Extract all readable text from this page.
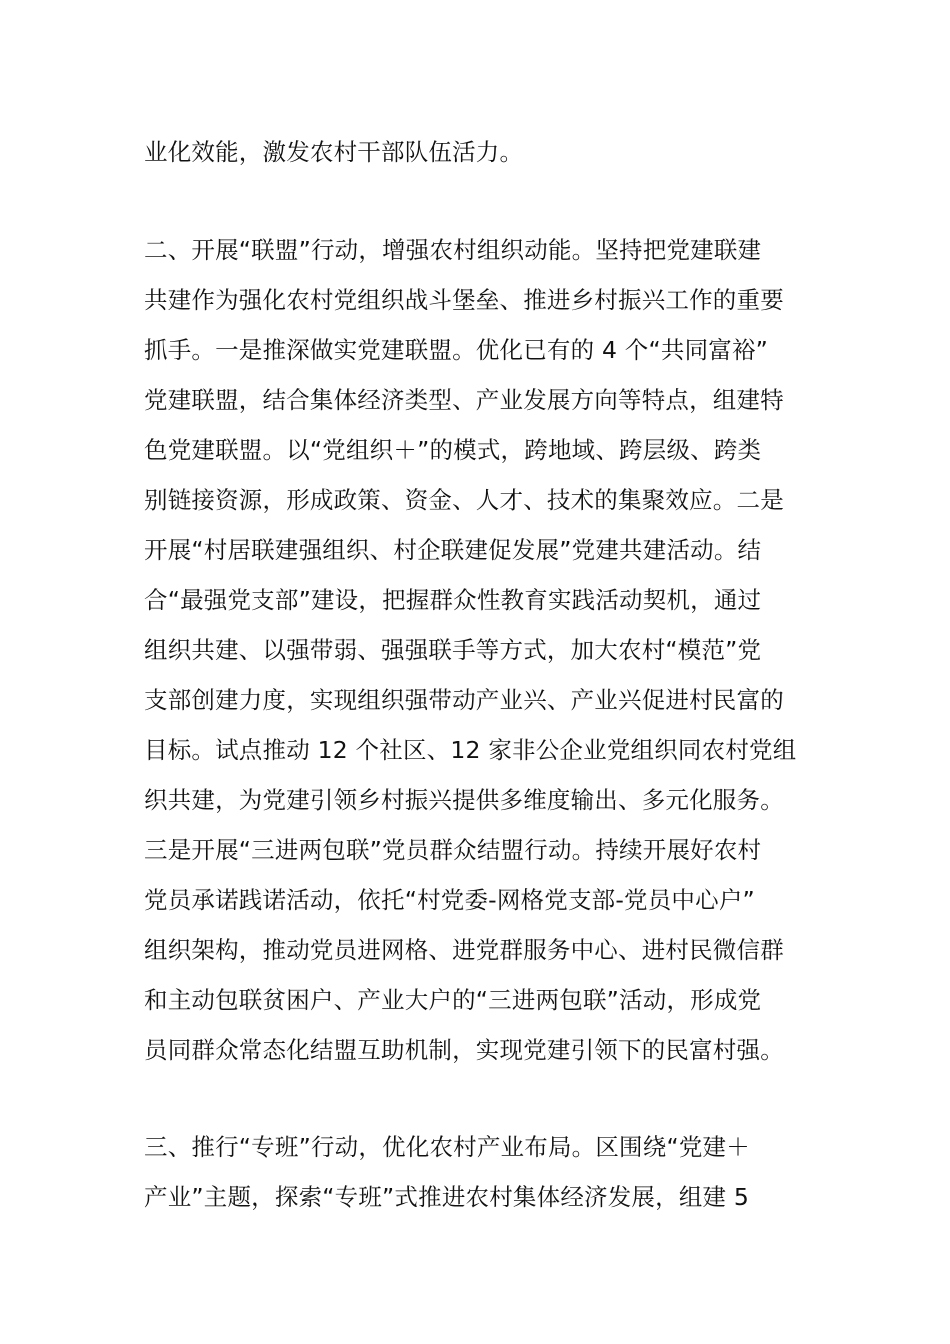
业化效能，激发农村干部队伍活力。
二、开展“联盟”行动，增强农村组织动能。坚持把党建联建
共建作为强化农村党组织战斗堡垒、推进乡村振兴工作的重要
抓手。一是推深做实党建联盟。优化已有的 4 个“共同富裕”
党建联盟，结合集体经济类型、产业发展方向等特点，组建特
色党建联盟。以“党组织＋”的模式，跨地域、跨层级、跨类
别链接资源，形成政策、资金、人才、技术的集聚效应。二是
开展“村居联建强组织、村企联建促发展”党建共建活动。结
合“最强党支部”建设，把握群众性教育实践活动契机，通过
组织共建、以强带弱、强强联手等方式，加大农村“模范”党
支部创建力度，实现组织强带动产业兴、产业兴促进村民富的
目标。试点推动 12 个社区、12 家非公企业党组织同农村党组
织共建，为党建引领乡村振兴提供多维度输出、多元化服务。
三是开展“三进两包联”党员群众结盟行动。持续开展好农村
党员承诺践诺活动，依托“村党委-网格党支部-党员中心户”
组织架构，推动党员进网格、进党群服务中心、进村民微信群
和主动包联贫困户、产业大户的“三进两包联”活动，形成党
员同群众常态化结盟互助机制，实现党建引领下的民富村强。
三、推行“专班”行动，优化农村产业布局。区围绕“党建＋
产业”主题，探索“专班”式推进农村集体经济发展，组建 5
